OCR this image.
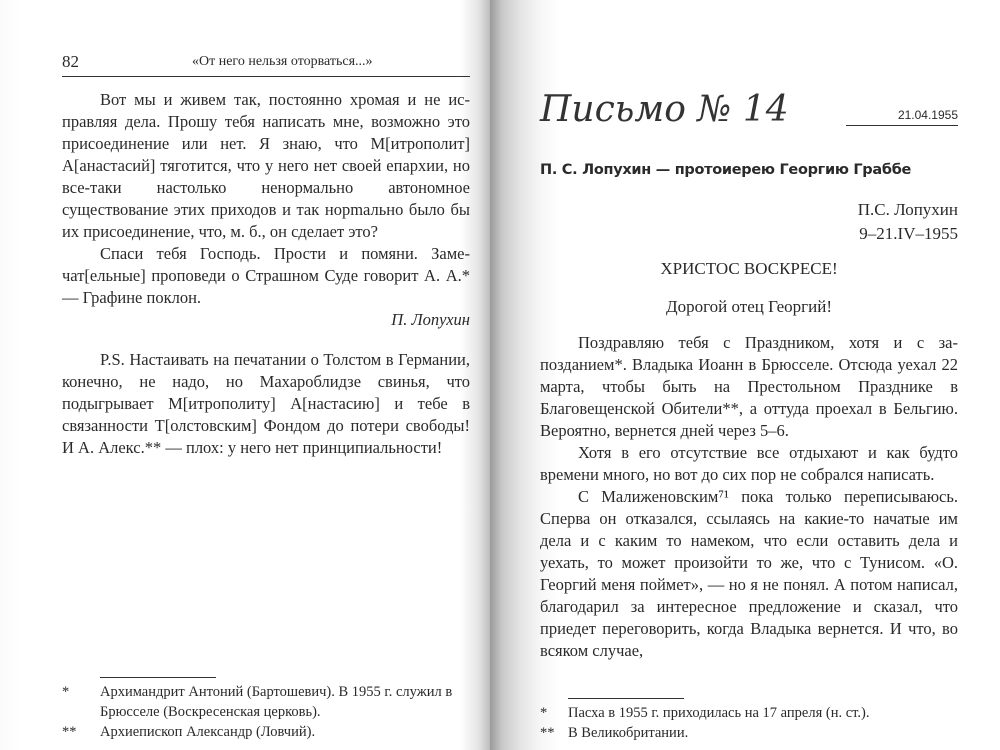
82	«От него нельзя оторваться...»

Вот мы и живем так, постоянно хромая и не исправляя дела. Прошу тебя написать мне, возможно это присоединение или нет. Я знаю, что М[итрополит] А[анастасий] тяготится, что у него нет своей епархии, но все-таки настолько ненормально автономное существование этих приходов и так норmально было бы их присоединение, что, м. б., он сделает это?

Спаси тебя Господь. Прости и помяни. Замечат[ельные] проповеди о Страшном Суде говорит А. А.* — Графине поклон.

П. Лопухин

P.S. Настаивать на печатании о Толстом в Германии, конечно, не надо, но Махароблидзе свинья, что подыгрывает М[итрополиту] А[настасию] и тебе в связанности Т[олстовским] Фондом до потери свободы! И А. Алекс.** — плох: у него нет принципиальности!

* Архимандрит Антоний (Бартошевич). В 1955 г. служил в Брюсселе (Воскресенская церковь).
** Архиепископ Александр (Ловчий).
Письмо № 14	21.04.1955
П. С. Лопухин — протоиерею Георгию Граббе
П.С. Лопухин
9–21.IV–1955
ХРИСТОС ВОСКРЕСЕ!
Дорогой отец Георгий!

Поздравляю тебя с Праздником, хотя и с запозданием*. Владыка Иоанн в Брюсселе. Отсюда уехал 22 марта, чтобы быть на Престольном Празднике в Благовещенской Обители**, а оттуда проехал в Бельгию. Вероятно, вернется дней через 5–6.

Хотя в его отсутствие все отдыхают и как будто времени много, но вот до сих пор не собрался написать.

С Малиженовским⁷¹ пока только переписываюсь. Сперва он отказался, ссылаясь на какие-то начатые им дела и с каким то намеком, что если оставить дела и уехать, то может произойти то же, что с Тунисом. «О. Георгий меня поймет», — но я не понял. А потом написал, благодарил за интересное предложение и сказал, что приедет переговорить, когда Владыка вернется. И что, во всяком случае,

* Пасха в 1955 г. приходилась на 17 апреля (н. ст.).
** В Великобритании.
